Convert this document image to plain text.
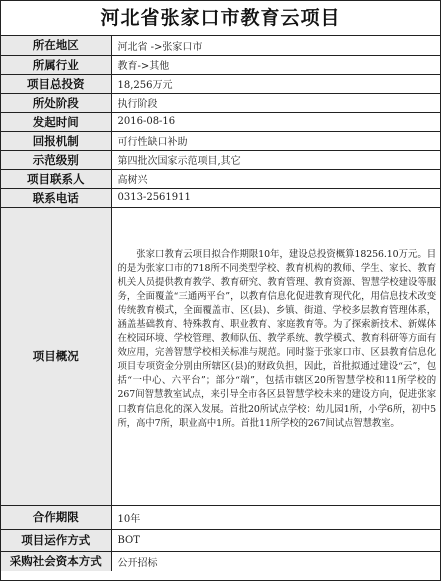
河北省张家口市教育云项目
所在地区	河北省 ->张家口市
所属行业	教育->其他
项目总投资	18,256万元
所处阶段	执行阶段
发起时间	2016-08-16
回报机制	可行性缺口补助
示范级别	第四批次国家示范项目,其它
项目联系人	高树兴
联系电话	0313-2561911
项目概况	张家口教育云项目拟合作期限10年，建设总投资概算18256.10万元。目的是为张家口市的718所不同类型学校、教育机构的教师、学生、家长、教育机关人员提供教育教学、教育研究、教育管理、教育资源、智慧学校建设等服务，全面覆盖“三通两平台”，以教育信息化促进教育现代化，用信息技术改变传统教育模式，全面覆盖市、区(县)、乡镇、街道、学校多层教育管理体系，涵盖基础教育、特殊教育、职业教育、家庭教育等。为了探索新技术、新媒体在校园环境、学校管理、教师队伍、教学系统、教学模式、教育科研等方面有效应用，完善智慧学校相关标准与规范。同时鉴于张家口市、区县教育信息化项目专项资金分别由所辖区(县)的财政负担，因此，首批拟通过建设“云”，包括“一中心、六平台”；部分“端”，包括市辖区20所智慧学校和11所学校的267间智慧教室试点，来引导全市各区县智慧学校未来的建设方向，促进张家口教育信息化的深入发展。首批20所试点学校：幼儿园1所，小学6所，初中5所，高中7所，职业高中1所。首批11所学校的267间试点智慧教室。

合作期限	10年
项目运作方式	BOT
采购社会资本方式	公开招标
